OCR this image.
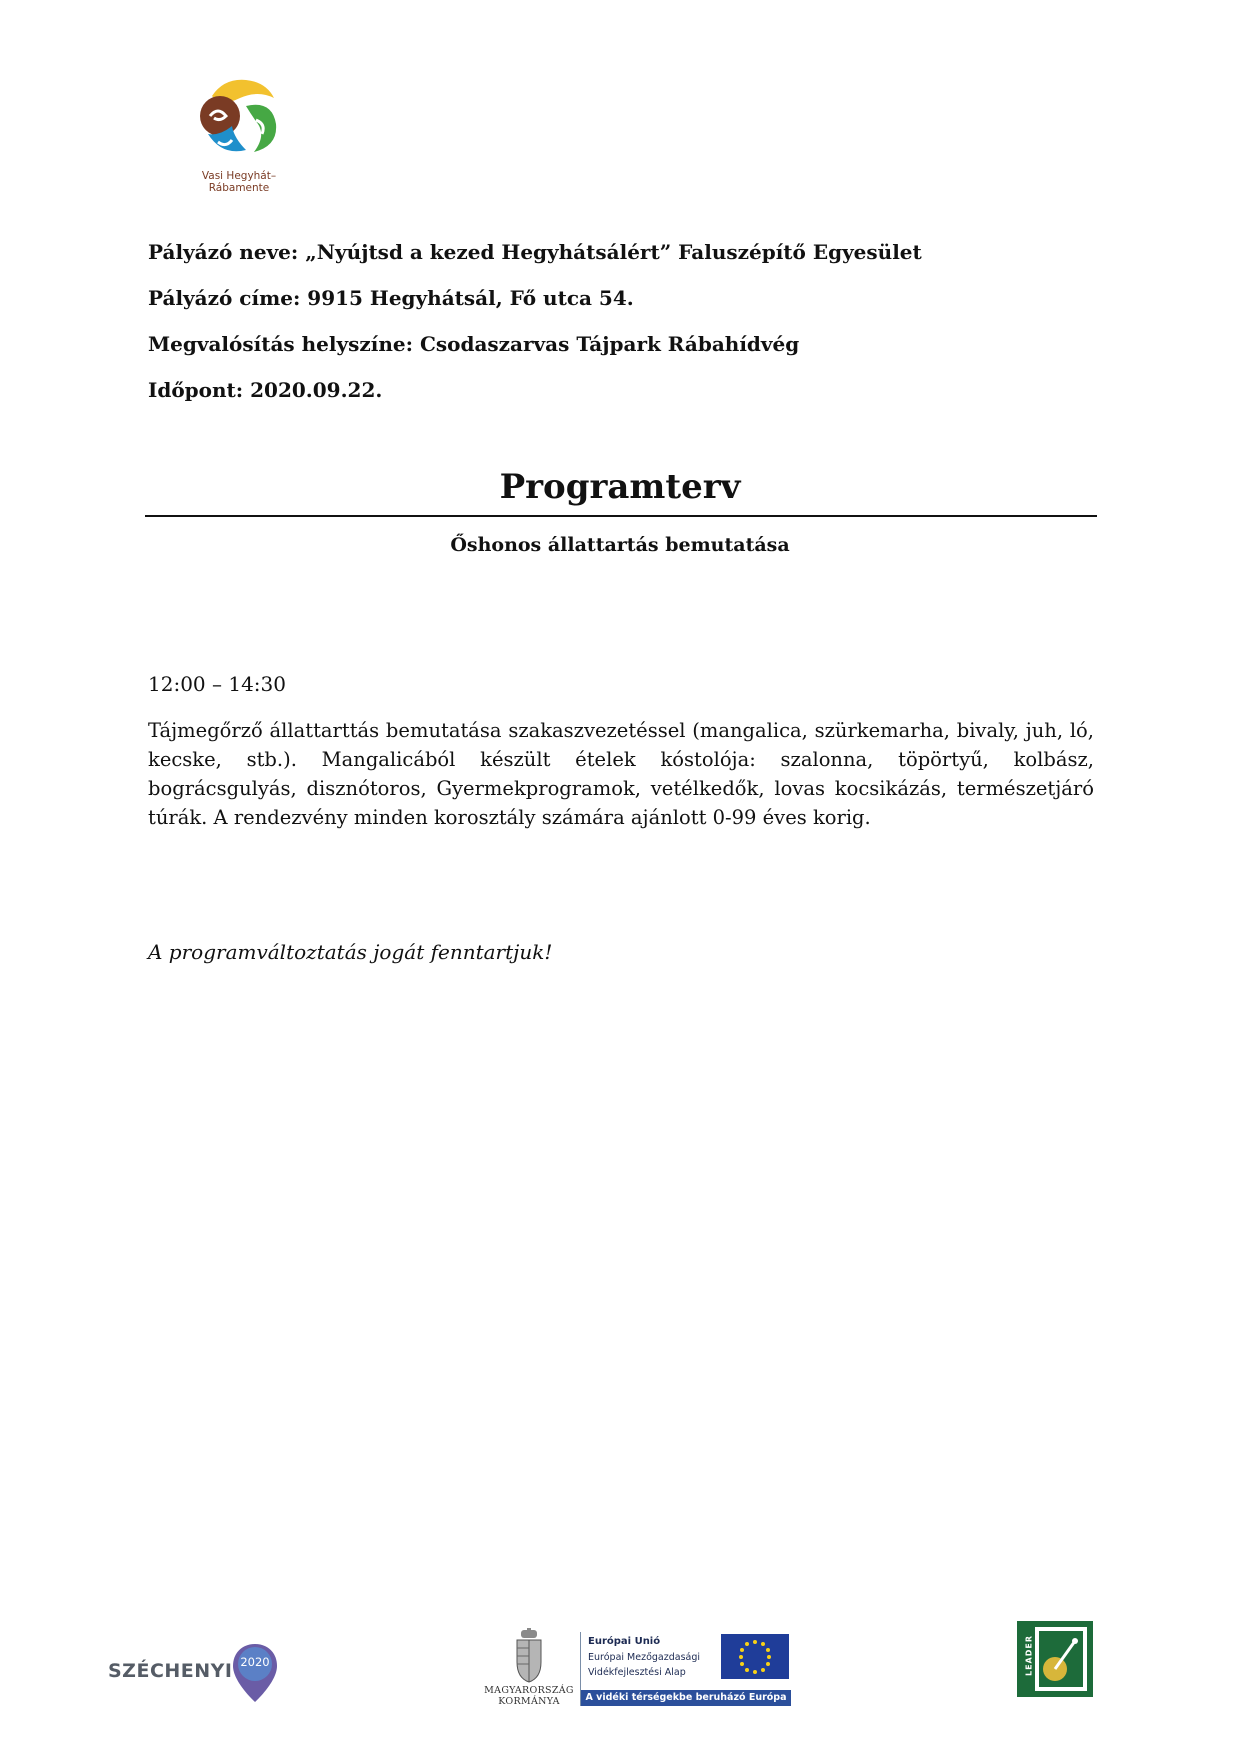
Vasi Hegyhát–Rábamente
Pályázó neve: „Nyújtsd a kezed Hegyhátsálért” Faluszépítő Egyesület
Pályázó címe: 9915 Hegyhátsál, Fő utca 54.
Megvalósítás helyszíne: Csodaszarvas Tájpark Rábahídvég
Időpont: 2020.09.22.
Programterv
Őshonos állattartás bemutatása
12:00 – 14:30
Tájmegőrző állattarttás bemutatása szakaszvezetéssel (mangalica, szürkemarha, bivaly, juh, ló, kecske, stb.). Mangalicából készült ételek kóstolója: szalonna, töpörtyű, kolbász, bográcsgulyás, disznótoros, Gyermekprogramok, vetélkedők, lovas kocsikázás, természetjáró túrák. A rendezvény minden korosztály számára ajánlott 0-99 éves korig.
A programváltoztatás jogát fenntartjuk!
SZÉCHENYI 2020
MAGYARORSZÁG
KORMÁNYA
Európai Unió
Európai Mezőgazdasági
Vidékfejlesztési Alap
A vidéki térségekbe beruházó Európa
LEADER
